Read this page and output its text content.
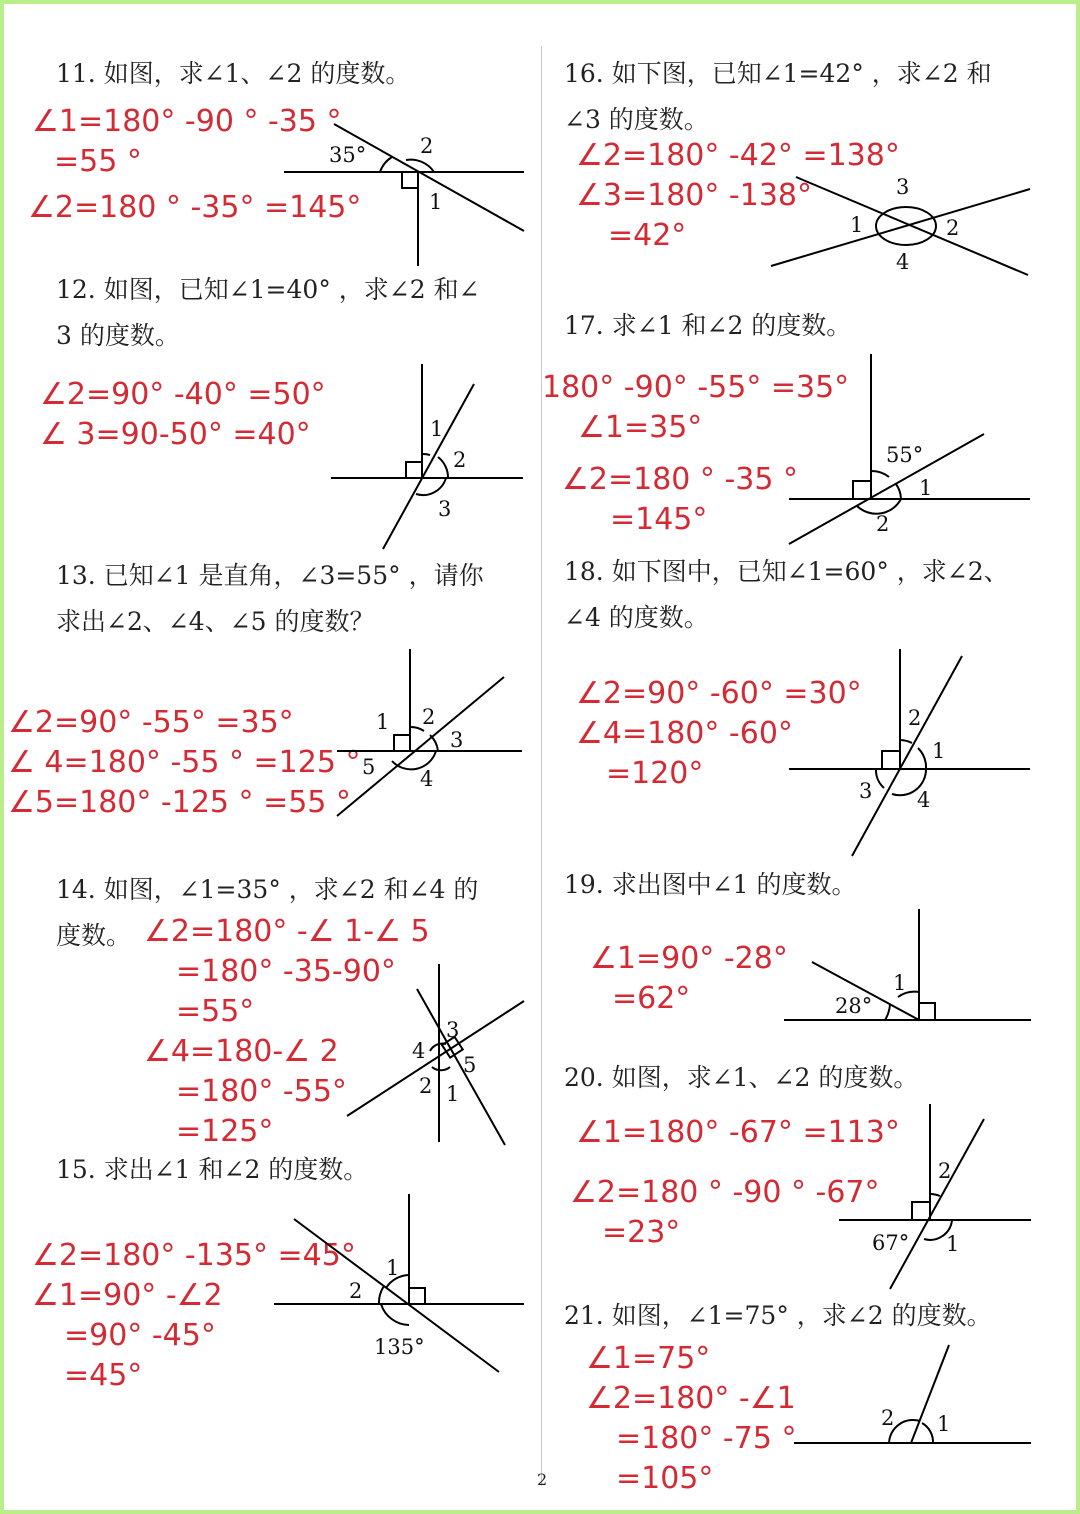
11. 如图，求∠1、∠2 的度数。
∠1=180° -90 ° -35 °
=55 °
∠2=180 ° -35° =145°
35°	2
1
12. 如图，已知∠1=40° ，求∠2 和∠
3 的度数。
∠2=90° -40° =50°
∠ 3=90-50° =40°	1
2
3
13. 已知∠1 是直角，∠3=55° ，请你
求出∠2、∠4、∠5 的度数？
∠2=90° -55° =35°
∠ 4=180° -55 ° =125 °
∠5=180° -125 ° =55 °
1 2
3
5 4
14. 如图，∠1=35° ，求∠2 和∠4 的
度数。 ∠2=180° -∠ 1-∠ 5
=180° -35-90°
=55°
∠4=180-∠ 2
=180° -55°
=125°
3
4
5
2 1
15. 求出∠1 和∠2 的度数。
∠2=180° -135° =45°
∠1=90° -∠2
=90° -45°
=45°
1
2
135°
16. 如下图，已知∠1=42° ，求∠2 和
∠3 的度数。
∠2=180° -42° =138°
∠3=180° -138°
=42°
3
1	2
4
17. 求∠1 和∠2 的度数。
180° -90° -55° =35°
∠1=35°
∠2=180 ° -35 °
=145°
55°
1
2
18. 如下图中，已知∠1=60° ，求∠2、
∠4 的度数。
∠2=90° -60° =30°
∠4=180° -60°
=120°
2
1
3 4
19. 求出图中∠1 的度数。
∠1=90° -28°
=62°	1
28°
20. 如图，求∠1、∠2 的度数。
∠1=180° -67° =113°
∠2=180 ° -90 ° -67°
=23°
2
67° 1
21. 如图，∠1=75° ，求∠2 的度数。
∠1=75°
∠2=180° -∠1
=180° -75 °
=105°
2 1
2
